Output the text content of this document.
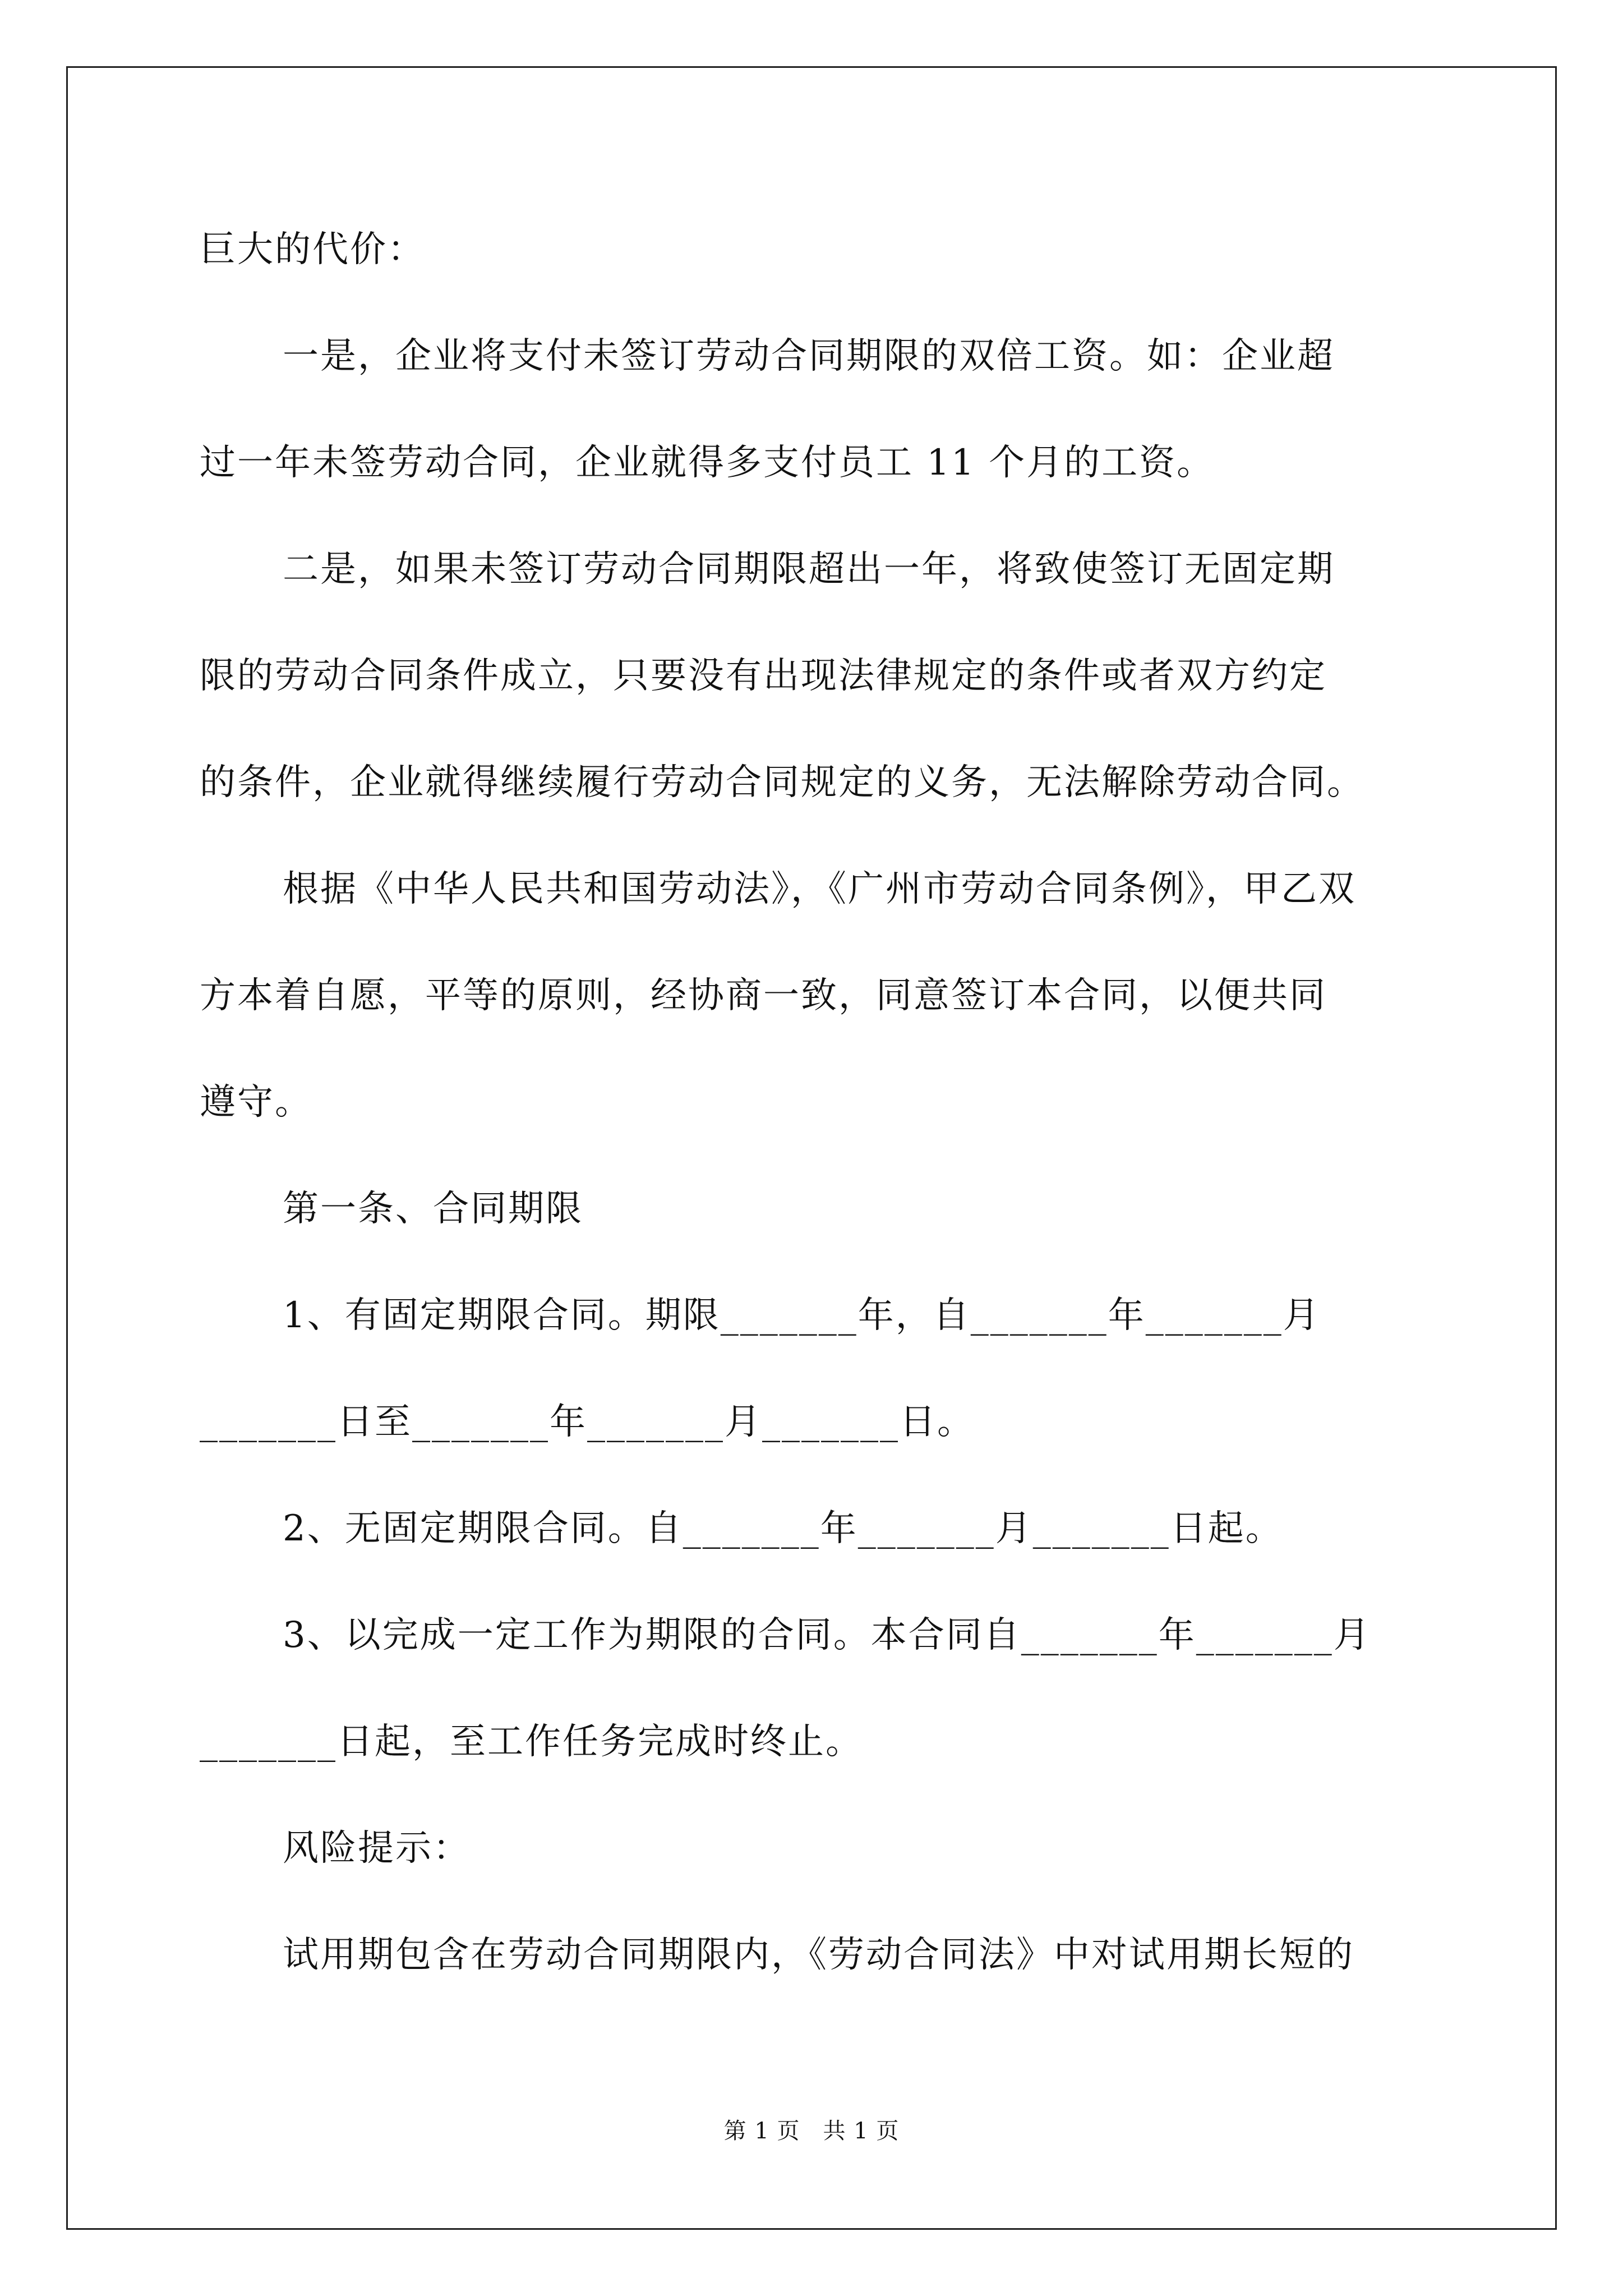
巨大的代价：
一是，企业将支付未签订劳动合同期限的双倍工资。如：企业超
过一年未签劳动合同，企业就得多支付员工 11 个月的工资。
二是，如果未签订劳动合同期限超出一年，将致使签订无固定期
限的劳动合同条件成立，只要没有出现法律规定的条件或者双方约定
的条件，企业就得继续履行劳动合同规定的义务，无法解除劳动合同。
根据《中华人民共和国劳动法》，《广州市劳动合同条例》，甲乙双
方本着自愿，平等的原则，经协商一致，同意签订本合同，以便共同
遵守。
第一条、合同期限
1、有固定期限合同。期限_______年，自_______年_______月
_______日至_______年_______月_______日。
2、无固定期限合同。自_______年_______月_______日起。
3、以完成一定工作为期限的合同。本合同自_______年_______月
_______日起，至工作任务完成时终止。
风险提示：
试用期包含在劳动合同期限内，《劳动合同法》中对试用期长短的
第 1 页　共 1 页
